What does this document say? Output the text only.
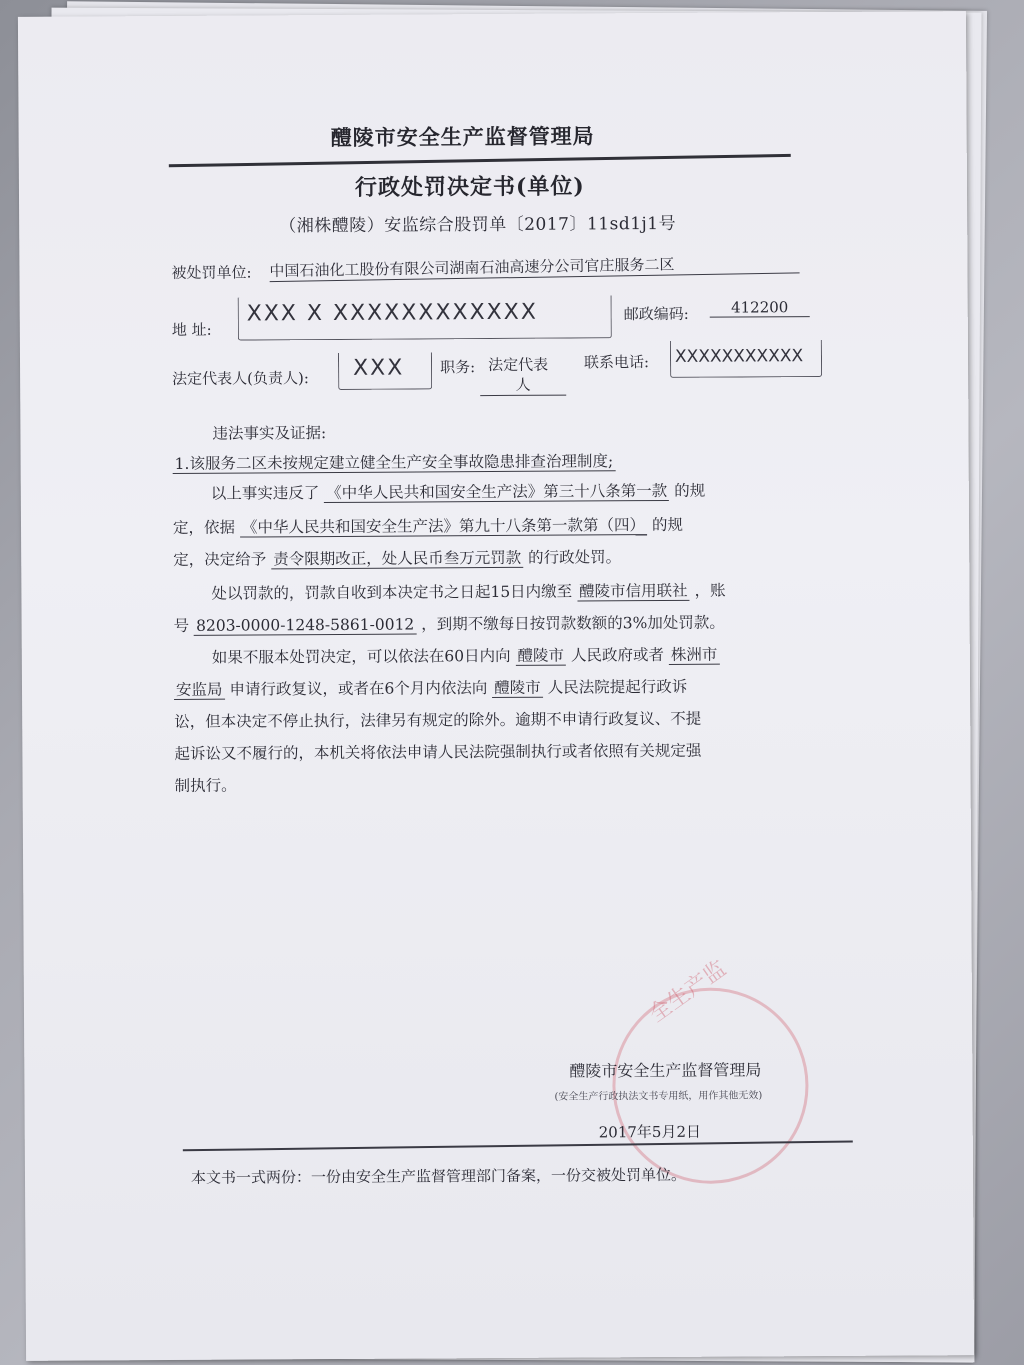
醴陵市安全生产监督管理局
行政处罚决定书(单位)
（湘株醴陵）安监综合股罚单〔2017〕11sd1j1号
被处罚单位: 中国石油化工股份有限公司湖南石油高速分公司官庄服务二区
地 址:
XXX X XXXXXXXXXXXX	邮政编码:	412200
法定代表人(负责人): XXX 职务: 法定代表
人
联系电话: XXXXXXXXXXX
违法事实及证据:
1.该服务二区未按规定建立健全生产安全事故隐患排查治理制度;
以上事实违反了 《中华人民共和国安全生产法》第三十八条第一款 的规
定，依据 《中华人民共和国安全生产法》第九十八条第一款第（四） 的规
定，决定给予 责令限期改正，处人民币叁万元罚款 的行政处罚。
处以罚款的，罚款自收到本决定书之日起15日内缴至 醴陵市信用联社 ，账
号 8203-0000-1248-5861-0012 ，到期不缴每日按罚款数额的3%加处罚款。
如果不服本处罚决定，可以依法在60日内向 醴陵市 人民政府或者 株洲市
安监局 申请行政复议，或者在6个月内依法向 醴陵市 人民法院提起行政诉
讼，但本决定不停止执行，法律另有规定的除外。逾期不申请行政复议、不提
起诉讼又不履行的，本机关将依法申请人民法院强制执行或者依照有关规定强
制执行。
全生产监
醴陵市安全生产监督管理局
(安全生产行政执法文书专用纸，用作其他无效)
2017年5月2日
本文书一式两份：一份由安全生产监督管理部门备案，一份交被处罚单位。
